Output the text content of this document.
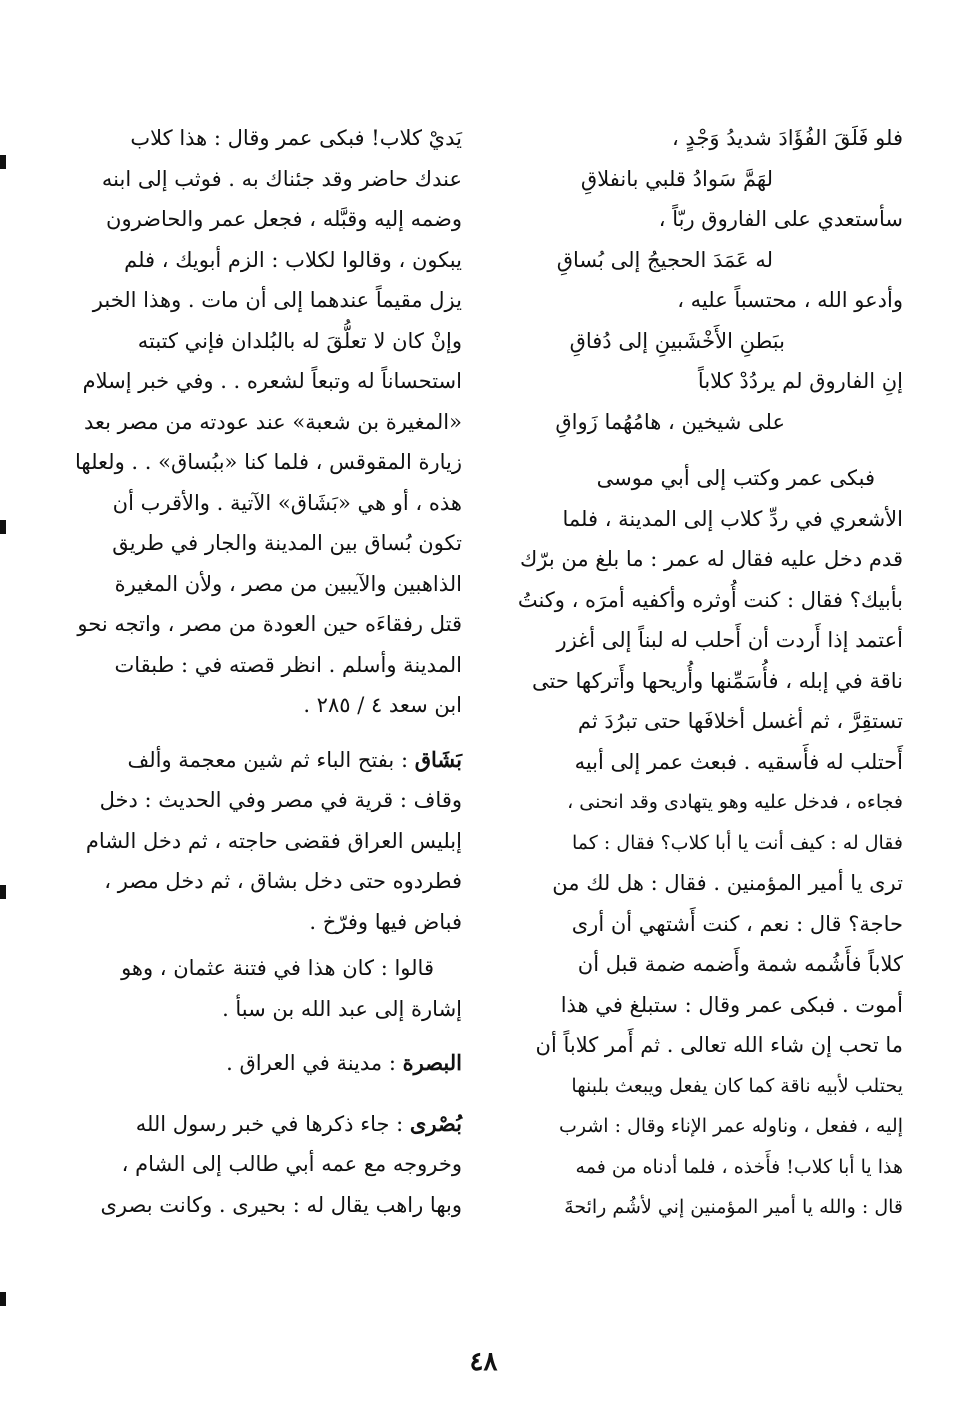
فلو فَلَقَ الفُؤَادَ شديدُ وَجْدٍ ،
لهَمَّ سَوادُ قلبي بانفلاقِ
سأستعدي على الفاروق ربّاً ،
له عَمَدَ الحجيجُ إلى بُساقِ
وأدعو الله ، محتسباً عليه ،
ببَطنِ الأَخْشَبينِ إلى دُفاقِ
إنِ الفاروق لم يردُدْ كلاباً
على شيخين ، هامُهُما زَواقِ
فبكى عمر وكتب إلى أبي موسى
الأشعري في ردِّ كلاب إلى المدينة ، فلما
قدم دخل عليه فقال له عمر : ما بلغ من برّك
بأبيك؟ فقال : كنت أُوثره وأكفيه أمرَه ، وكنتُ
أعتمد إذا أَردت أن أَحلب له لبناً إلى أغزر
ناقة في إبله ، فأُسَمِّنها وأُريحها وأَتركها حتى
تستقِرَّ ، ثم أغسل أخلافَها حتى تبرُدَ ثم
أَحتلب له فأَسقيه . فبعث عمر إلى أبيه
فجاءه ، فدخل عليه وهو يتهادى وقد انحنى ،
فقال له : كيف أنت يا أبا كلاب؟ فقال : كما
ترى يا أمير المؤمنين . فقال : هل لك من
حاجة؟ قال : نعم ، كنت أَشتهي أن أرى
كلاباً فأَشُمه شمة وأَضمه ضمة قبل أن
أموت . فبكى عمر وقال : ستبلغ في هذا
ما تحب إن شاء الله تعالى . ثم أَمر كلاباً أن
يحتلب لأبيه ناقة كما كان يفعل ويبعث بلبنها
إليه ، ففعل ، وناوله عمر الإناء وقال : اشرب
هذا يا أبا كلاب! فأَخذه ، فلما أدناه من فمه
قال : والله يا أمير المؤمنين إني لأشُم رائحةَ
يَديْ كلاب! فبكى عمر وقال : هذا كلاب
عندك حاضر وقد جئناك به . فوثب إلى ابنه
وضمه إليه وقبَّله ، فجعل عمر والحاضرون
يبكون ، وقالوا لكلاب : الزم أبويك ، فلم
يزل مقيماً عندهما إلى أن مات . وهذا الخبر
وإنْ كان لا تعلُّقَ له بالبُلدان فإني كتبته
استحساناً له وتبعاً لشعره . . وفي خبر إسلام
«المغيرة بن شعبة» عند عودته من مصر بعد
زيارة المقوقس ، فلما كنا «ببُساق» . . ولعلها
هذه ، أو هي «بَشَاق» الآتية . والأقرب أن
تكون بُساق بين المدينة والجار في طريق
الذاهبين والآيبين من مصر ، ولأن المغيرة
قتل رفقاءَه حين العودة من مصر ، واتجه نحو
المدينة وأسلم . انظر قصته في : طبقات
ابن سعد ٤ / ٢٨٥ .
بَشَاق : بفتح الباء ثم شين معجمة وألف
وقاف : قرية في مصر وفي الحديث : دخل
إبليس العراق فقضى حاجته ، ثم دخل الشام
فطردوه حتى دخل بشاق ، ثم دخل مصر ،
فباض فيها وفرّخ .
قالوا : كان هذا في فتنة عثمان ، وهو
إشارة إلى عبد الله بن سبأ .
البصرة : مدينة في العراق .
بُصْرى : جاء ذكرها في خبر رسول الله
وخروجه مع عمه أبي طالب إلى الشام ،
وبها راهب يقال له : بحيرى . وكانت بصرى
٤٨
